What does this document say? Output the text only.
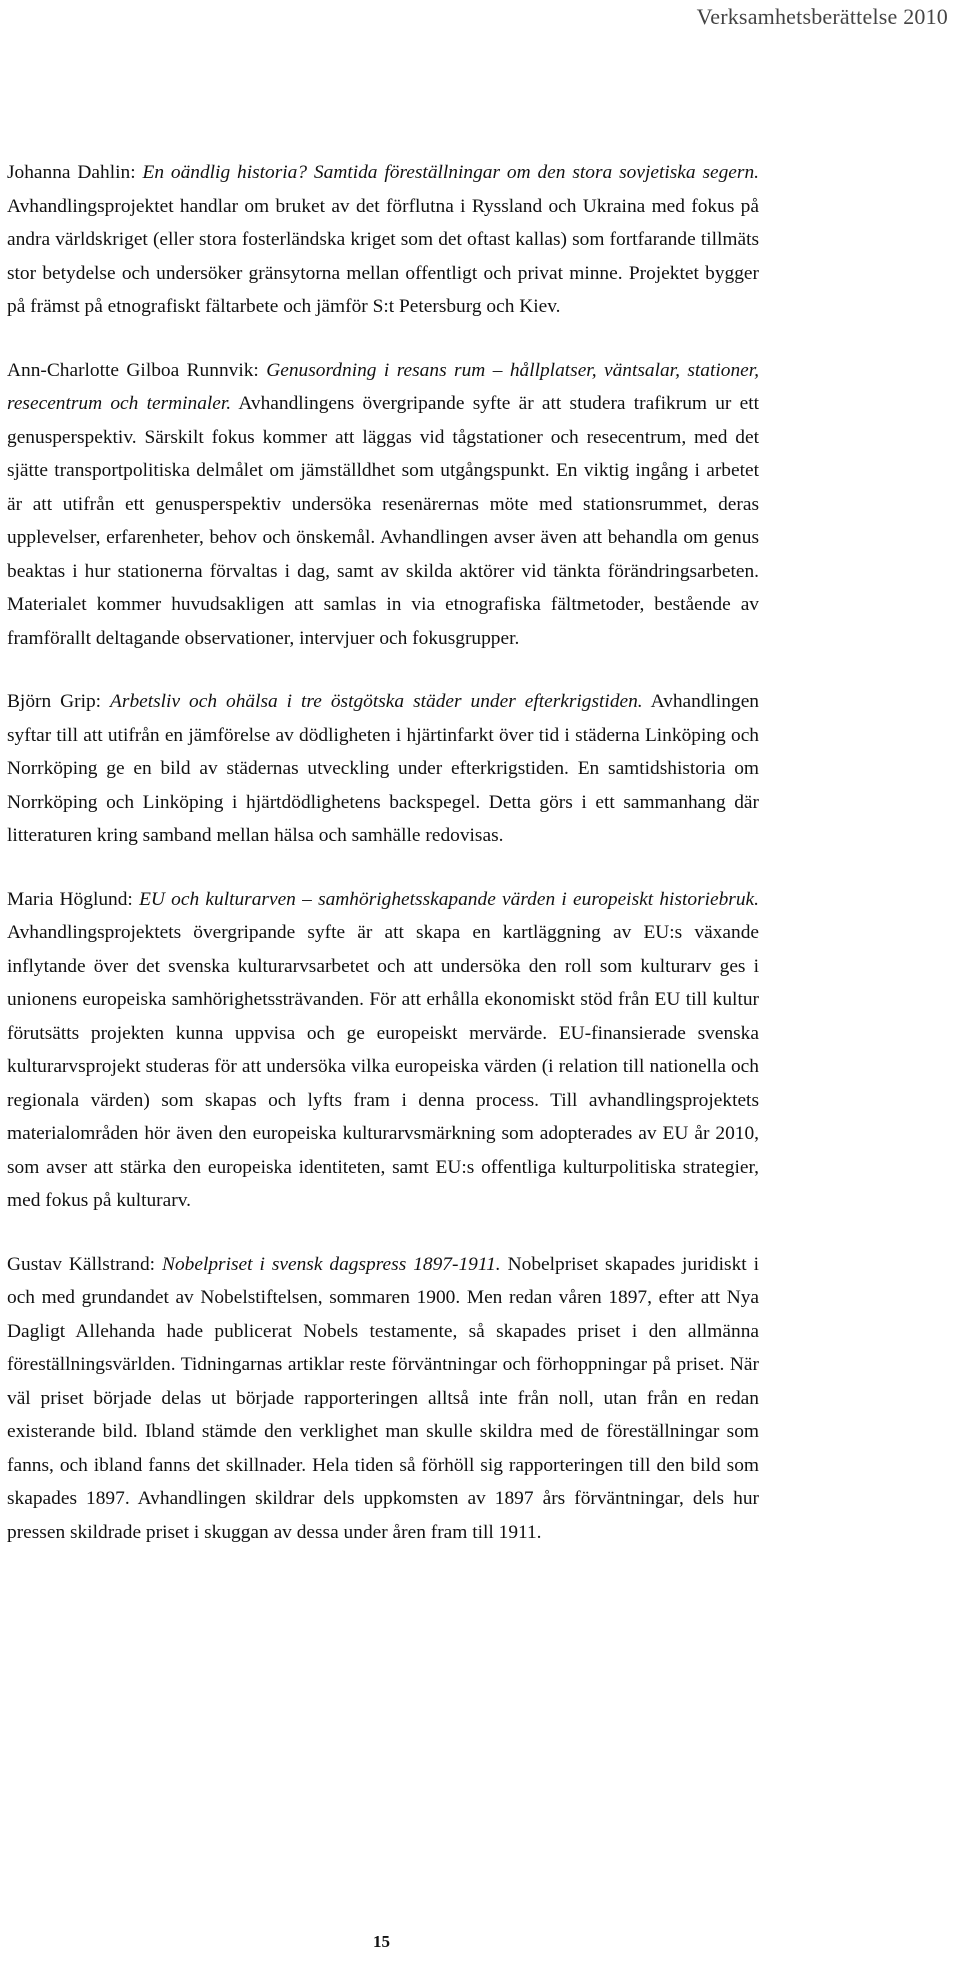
Verksamhetsberättelse 2010

Johanna Dahlin: En oändlig historia? Samtida föreställningar om den stora sovjetiska segern. Avhandlingsprojektet handlar om bruket av det förflutna i Ryssland och Ukraina med fokus på andra världskriget (eller stora fosterländska kriget som det oftast kallas) som fortfarande tillmäts stor betydelse och undersöker gränsytorna mellan offentligt och privat minne. Projektet bygger på främst på etnografiskt fältarbete och jämför S:t Petersburg och Kiev.

Ann-Charlotte Gilboa Runnvik: Genusordning i resans rum – hållplatser, väntsalar, stationer, resecentrum och terminaler. Avhandlingens övergripande syfte är att studera trafikrum ur ett genusperspektiv. Särskilt fokus kommer att läggas vid tågstationer och resecentrum, med det sjätte transportpolitiska delmålet om jämställdhet som utgångspunkt. En viktig ingång i arbetet är att utifrån ett genusperspektiv undersöka resenärernas möte med stationsrummet, deras upplevelser, erfarenheter, behov och önskemål. Avhandlingen avser även att behandla om genus beaktas i hur stationerna förvaltas i dag, samt av skilda aktörer vid tänkta förändringsarbeten. Materialet kommer huvudsakligen att samlas in via etnografiska fältmetoder, bestående av framförallt deltagande observationer, intervjuer och fokusgrupper.

Björn Grip: Arbetsliv och ohälsa i tre östgötska städer under efterkrigstiden. Avhandlingen syftar till att utifrån en jämförelse av dödligheten i hjärtinfarkt över tid i städerna Linköping och Norrköping ge en bild av städernas utveckling under efterkrigstiden. En samtidshistoria om Norrköping och Linköping i hjärtdödlighetens backspegel. Detta görs i ett sammanhang där litteraturen kring samband mellan hälsa och samhälle redovisas.

Maria Höglund: EU och kulturarven – samhörighetsskapande värden i europeiskt historiebruk. Avhandlingsprojektets övergripande syfte är att skapa en kartläggning av EU:s växande inflytande över det svenska kulturarvsarbetet och att undersöka den roll som kulturarv ges i unionens europeiska samhörighetssträvanden. För att erhålla ekonomiskt stöd från EU till kultur förutsätts projekten kunna uppvisa och ge europeiskt mervärde. EU-finansierade svenska kulturarvsprojekt studeras för att undersöka vilka europeiska värden (i relation till nationella och regionala värden) som skapas och lyfts fram i denna process. Till avhandlingsprojektets materialområden hör även den europeiska kulturarvsmärkning som adopterades av EU år 2010, som avser att stärka den europeiska identiteten, samt EU:s offentliga kulturpolitiska strategier, med fokus på kulturarv.

Gustav Källstrand: Nobelpriset i svensk dagspress 1897-1911. Nobelpriset skapades juridiskt i och med grundandet av Nobelstiftelsen, sommaren 1900. Men redan våren 1897, efter att Nya Dagligt Allehanda hade publicerat Nobels testamente, så skapades priset i den allmänna föreställningsvärlden. Tidningarnas artiklar reste förväntningar och förhoppningar på priset. När väl priset började delas ut började rapporteringen alltså inte från noll, utan från en redan existerande bild. Ibland stämde den verklighet man skulle skildra med de föreställningar som fanns, och ibland fanns det skillnader. Hela tiden så förhöll sig rapporteringen till den bild som skapades 1897. Avhandlingen skildrar dels uppkomsten av 1897 års förväntningar, dels hur pressen skildrade priset i skuggan av dessa under åren fram till 1911.

15
